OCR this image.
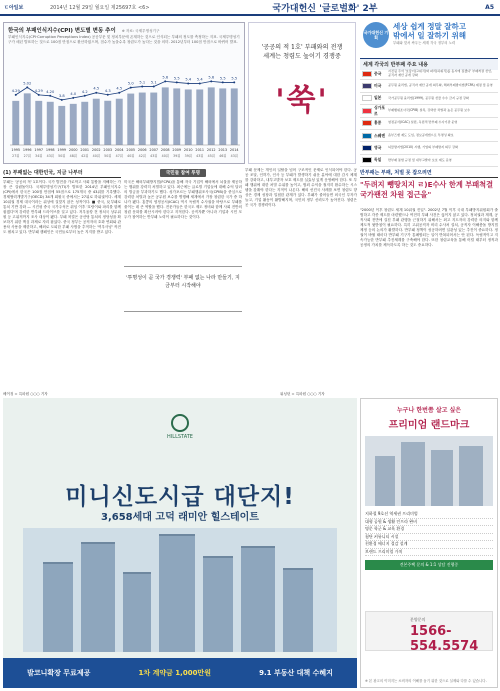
ㄷ아일보	2014년 12월 29일 월요일 제25697호 <6>	국가대헌신 '글로벌화' 2부	A5
한국의 부패인식지수(CPI) 변도별 변동 추이 ※ 자료: 국제투명성기구
부패인식지수(CPI·Corruption Perceptions Index) 공공부문 및 정치부문에 존재하는 것으로 인식되는 부패의 정도를 측정하는 지표. 국제투명성기구가 매년 발표하는 것으로 100점 만점으로 환산하였으며, 점수가 높을수록 청렴도가 높다는 것을 의미. 2012년부터 100점 만점으로 바뀌어 발표.
4.29
1995
27위
5.02
1996
27위
4.29
1997
34위
4.20
1998
43위
3.8
1999
50위
4.0
2000
48위
4.2
2001
42위
4.5
2002
40위
4.3
2003
50위
4.5
2004
47위
5.0
2005
40위
5.1
2006
42위
5.1
2007
43위
5.6
2008
40위
5.5
2009
39위
5.4
2010
39위
5.4
2011
43위
5.6
2012
45위
5.5
2013
46위
5.5
2014
43위
'공공의 적 1호' 부패와의 전쟁
세계는 청렴도 높이기 경쟁중
'쑥'
국가대헌신 기획
세상 쉽게 정말 잘하고
밖에서 일 잘하기 위해
부패와 맞서 싸우는 세계 각국 정부의 노력
세계 각국의 반부패 주요 내용
중국	시진핑 주석 '호랑이(고위직)와 파리(하위직)를 동시에 잡겠다' 부패척결 선언, 공직자 재산 공개 강화
미국	공무원 윤리법, 공직자 재산 공개 의무화, 해외부패방지법(FCPA) 제정 및 운영
일본	국가공무원 윤리법(1999), 공무원 선물 수수 금지 규정 강화
싱가포르
부패행위조사국(CPIB) 설치, 강력한 처벌과 높은 공무원 보수
홍콩	염정공서(ICAC) 설립, 독립적 반부패 수사기관 운영
스웨덴 옴부즈맨 제도 도입, 정보공개법으로 투명성 확보
영국	뇌물방지법(2010) 시행, 기업의 부패방지 의무 강화
독일	반부패 통합 규정 및 내부고발자 보호 제도 운영
(1) 부패없는 대한민국, 지금 나부터	국민들 참여 투명	반부패는 부패, 처벌 못 잡으려면
부패는 '공공의 적' 1호이다. 국가 발전을 가로막고 사회 통합을 저해하는 가장 큰 걸림돌이다. 국제투명성기구(TI)가 발표한 2014년 부패인식지수(CPI)에서 한국은 100점 만점에 55점으로 175개국 중 43위를 기록했다. 경제협력개발기구(OECD) 34개 회원국 중에서는 27위로 하위권이다. 세계 10위권 경제 대국이라는 위상에 걸맞지 않은 성적이다. ■ 중국, 反부패로 통치 기반 강화 — 시진핑 중국 국가주석은 취임 이후 '호랑이와 파리를 함께 잡겠다'며 강력한 반부패 드라이브를 걸고 있다. 저우융캉 전 정치국 상무위원 등 고위직까지 조사 대상이 됐다. 부패 척결은 공산당 통치의 정당성을 확보하기 위한 핵심 과제로 자리 잡았다. 중국 정부는 공직자의 호화 연회와 관용차 사용을 제한하고, 해외로 도피한 부패 사범을 추적하는 '여우사냥' 작전도 펼치고 있다. 반부패 캠페인은 국민들로부터 높은 지지를 받고 있다.
미국은 해외부패방지법(FCPA)을 통해 자국 기업이 해외에서 뇌물을 제공하는 행위를 강력히 처벌하고 있다. 최근에는 글로벌 기업들에 대해 수억 달러의 벌금을 부과하기도 했다. 싱가포르는 부패행위조사국(CPIB)을 중심으로 강력한 처벌과 높은 공무원 보수를 병행해 세계에서 가장 청렴한 국가 중 하나가 됐다. 홍콩의 염정공서(ICAC) 역시 독립적 수사권을 바탕으로 부패를 줄이는 데 큰 역할을 했다. 전문가들은 한국도 제도 정비와 함께 사회 전반의 청렴 문화를 확산시켜야 한다고 지적한다. 공직자뿐 아니라 기업과 시민 모두가 참여하는 반부패 노력이 필요하다는 것이다.
'투명성이 곧 국가 경쟁력' 부패 없는 나라 만들기, 지금부터 시작해야
부패 문제는 개인의 일탈을 넘어 구조적인 문제로 인식되어야 한다. 공공 조달, 인허가, 인사 등 부패가 발생하기 쉬운 분야에 대한 감시 체계를 강화하고, 내부고발자 보호 제도를 실효성 있게 운영해야 한다. 또 부패 행위에 대한 처벌 수위를 높이고, 범죄 수익을 철저히 환수하는 시스템을 갖춰야 한다는 지적이 나온다. 해외 선진국 사례를 보면 청렴도 향상은 경제 성장과 밀접한 관계가 있다. 부패가 줄어들면 외국인 투자가 늘고, 기업 활동이 활발해지며, 국민의 정부 신뢰도가 높아진다. 청렴은 곧 국가 경쟁력이다.
"두려지 뺑땅치지 ㄹ)E수사 한계 부패척결 국가팬전 차원 접근을"
"2000년 이후 청렴도 세계 10위권 진입". 2002년 7월 이후 국내 부패방지위원회가 출범하고 각종 제도를 마련했으나 여전히 부패 사건은 끊이지 않고 있다. 정치권과 재계, 공직사회 전반에 걸친 부패 관행을 근절하기 위해서는 최고 지도자의 강력한 의지와 함께 제도적 뒷받침이 필요하다. 특히 고위공직자 비리 수사처 설치, 공직자 이해충돌 방지법 제정 등의 논의가 활발하다. 반부패 정책이 성공하려면 일관성 있는 추진이 중요하다. 정권이 바뀔 때마다 반부패 기구가 통폐합되는 일이 반복되어서는 안 된다. 독립적이고 지속가능한 반부패 추진체계를 구축해야 한다. 또한 청렴교육을 통해 어릴 때부터 정직과 공정의 가치를 체득하도록 하는 것도 중요하다.
베이징 = 특파원 ○○○ 기자	워싱턴 = 특파원 ○○○ 기자
HILLSTATE
미니신도시급 대단지!
3,658세대 고덕 래미안 힐스테이트
발코니확장 무료제공	1차 계약금 1,000만원	9.1 부동산 대책 수혜지
누구나 한번쯤 살고 싶은
프리미엄 랜드마크
지하철 9호선 역세권 프리미엄
대형 공원 & 생활 인프라 완비
명문 학군 & 교육 환경
첨단 커뮤니티 시설
친환경 에너지 절감 설계
브랜드 프리미엄 가치
견본주택 문의 & 1:1 상담 진행중
분양문의
1566-554.5574
※ 본 광고의 이미지는 소비자의 이해를 돕기 위한 것으로 실제와 다를 수 있습니다.
